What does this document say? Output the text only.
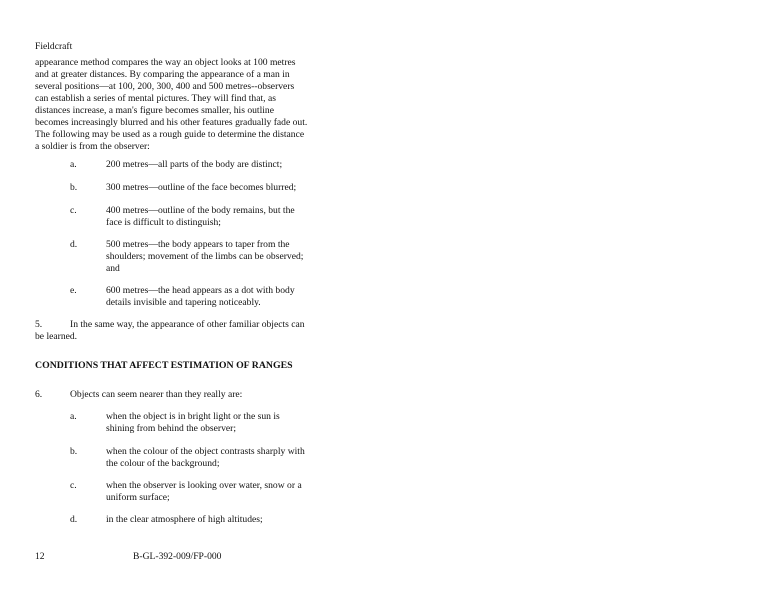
Fieldcraft
appearance method compares the way an object looks at 100 metres
and at greater distances. By comparing the appearance of a man in
several positions—at 100, 200, 300, 400 and 500 metres--observers
can establish a series of mental pictures. They will find that, as
distances increase, a man's figure becomes smaller, his outline
becomes increasingly blurred and his other features gradually fade out.
The following may be used as a rough guide to determine the distance
a soldier is from the observer:
a.	200 metres—all parts of the body are distinct;
b.	300 metres—outline of the face becomes blurred;
c.	400 metres—outline of the body remains, but the
face is difficult to distinguish;
d.	500 metres—the body appears to taper from the
shoulders; movement of the limbs can be observed;
and
e.	600 metres—the head appears as a dot with body
details invisible and tapering noticeably.
5.	In the same way, the appearance of other familiar objects can
be learned.
CONDITIONS THAT AFFECT ESTIMATION OF RANGES
6.	Objects can seem nearer than they really are:
a.	when the object is in bright light or the sun is
shining from behind the observer;
b.	when the colour of the object contrasts sharply with
the colour of the background;
c.	when the observer is looking over water, snow or a
uniform surface;
d.	in the clear atmosphere of high altitudes;
12	B-GL-392-009/FP-000
